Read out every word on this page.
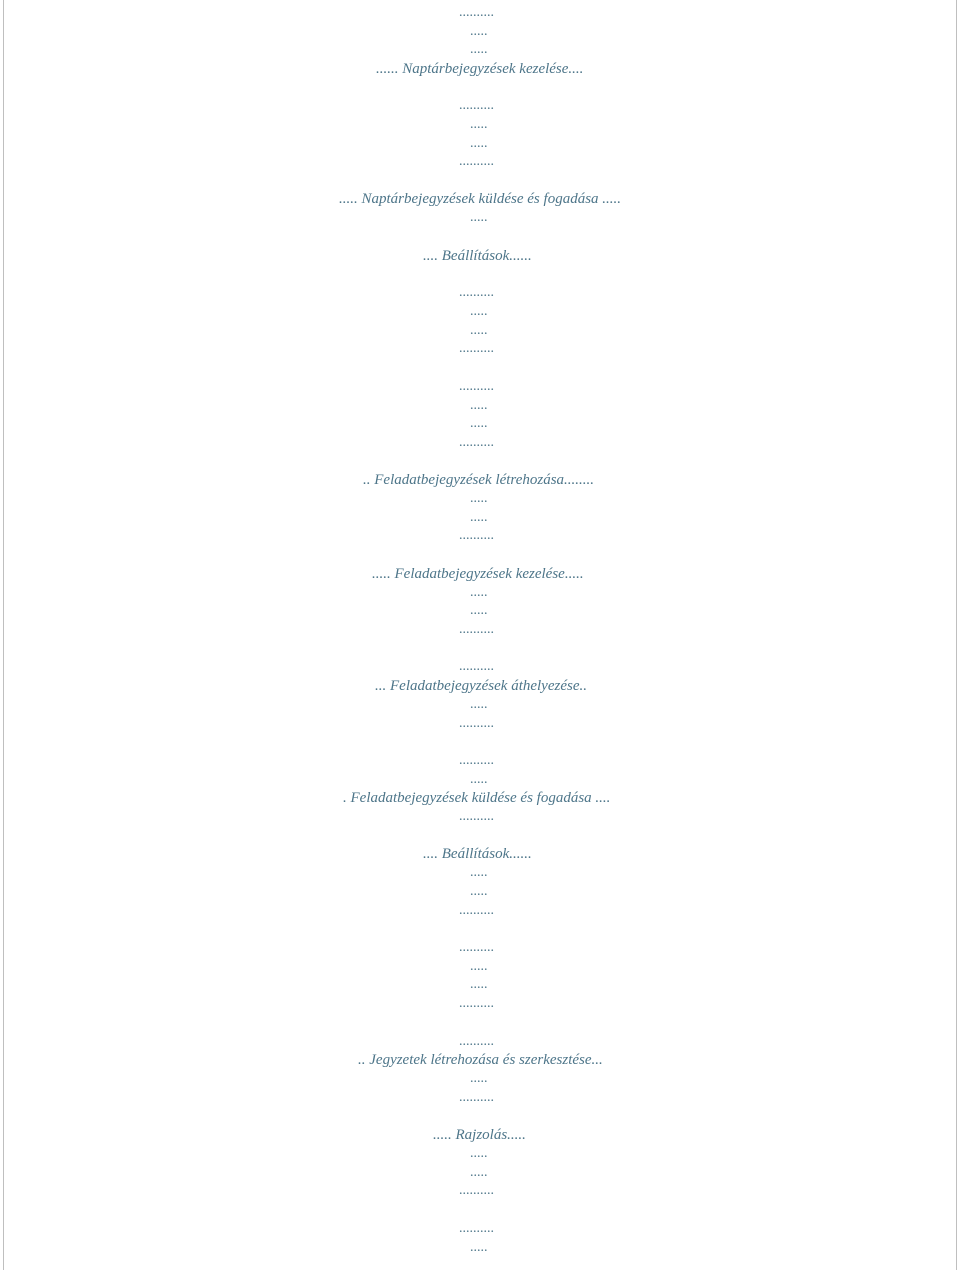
..........
.....
.....
...... Naptárbejegyzések kezelése....
..........
.....
.....
..........
..... Naptárbejegyzések küldése és fogadása .....
.....
.... Beállítások......
..........
.....
.....
..........
..........
.....
.....
..........
.. Feladatbejegyzések létrehozása........
.....
.....
..........
..... Feladatbejegyzések kezelése.....
.....
.....
..........
..........
... Feladatbejegyzések áthelyezése..
.....
..........
..........
.....
. Feladatbejegyzések küldése és fogadása ....
..........
.... Beállítások......
.....
.....
..........
..........
.....
.....
..........
..........
.. Jegyzetek létrehozása és szerkesztése...
.....
..........
..... Rajzolás.....
.....
.....
..........
..........
.....
